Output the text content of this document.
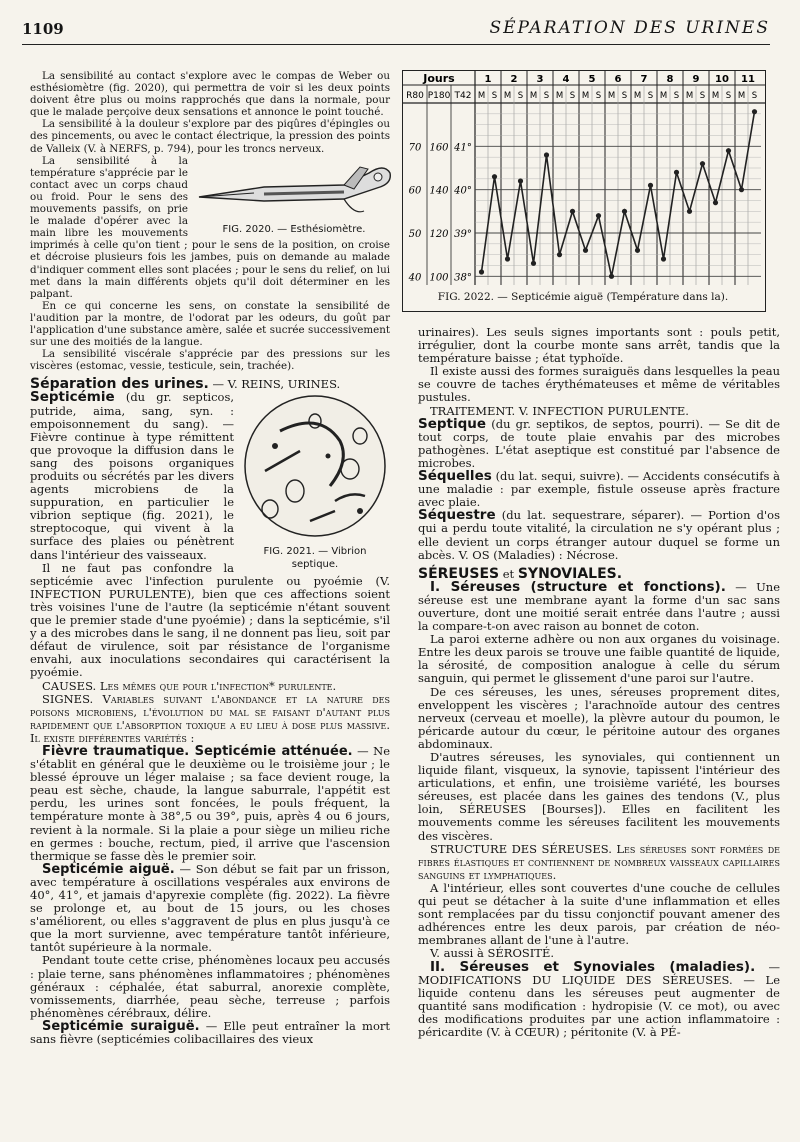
1109	SÉPARATION DES URINES
Jours
R80 P180 T42
1
M S
2
M S
3
M S
4
M S
5
M S
6
M S
7
M S
8
M S
9
M S
10
M S
11
M S
40
50
60
70
100
120
140
160
38°
39°
40°
41°
FIG. 2022. — Septicémie aiguë (Température dans la).

La sensibilité au contact s'explore avec le compas de Weber ou esthésiomètre (fig. 2020), qui permettra de voir si les deux points doivent être plus ou moins rapprochés que dans la normale, pour que le malade perçoive deux sensations et annonce le point touché.

La sensibilité à la douleur s'explore par des piqûres d'épingles ou des pincements, ou avec le contact électrique, la pression des points de Valleix (V. à NERFS, p. 794), pour les troncs nerveux.

FIG. 2020. — Esthésiomètre.

La sensibilité à la température s'apprécie par le contact avec un corps chaud ou froid. Pour le sens des mouvements passifs, on prie le malade d'opérer avec la main libre les mouvements imprimés à celle qu'on tient ; pour le sens de la position, on croise et décroise plusieurs fois les jambes, puis on demande au malade d'indiquer comment elles sont placées ; pour le sens du relief, on lui met dans la main différents objets qu'il doit déterminer en les palpant.

En ce qui concerne les sens, on constate la sensibilité de l'audition par la montre, de l'odorat par les odeurs, du goût par l'application d'une substance amère, salée et sucrée successivement sur une des moitiés de la langue.

La sensibilité viscérale s'apprécie par des pressions sur les viscères (estomac, vessie, testicule, sein, trachée).

Séparation des urines. — V. REINS, URINES.

FIG. 2021. — Vibrion septique.

Septicémie (du gr. septicos, putride, aima, sang, syn. : empoisonnement du sang). — Fièvre continue à type rémittent que provoque la diffusion dans le sang des poisons organiques produits ou sécrétés par les divers agents microbiens de la suppuration, en particulier le vibrion septique (fig. 2021), le streptocoque, qui vivent à la surface des plaies ou pénètrent dans l'intérieur des vaisseaux.

Il ne faut pas confondre la septicémie avec l'infection purulente ou pyoémie (V. INFECTION PURULENTE), bien que ces affections soient très voisines l'une de l'autre (la septicémie n'étant souvent que le premier stade d'une pyoémie) ; dans la septicémie, s'il y a des microbes dans le sang, il ne donnent pas lieu, soit par défaut de virulence, soit par résistance de l'organisme envahi, aux inoculations secondaires qui caractérisent la pyoémie.

CAUSES. Les mêmes que pour l'infection* purulente.

SIGNES. Variables suivant l'abondance et la nature des poisons microbiens, l'évolution du mal se faisant d'autant plus rapidement que l'absorption toxique a eu lieu à dose plus massive. Il existe différentes variétés :

Fièvre traumatique. Septicémie atténuée. — Ne s'établit en général que le deuxième ou le troisième jour ; le blessé éprouve un léger malaise ; sa face devient rouge, la peau est sèche, chaude, la langue saburrale, l'appétit est perdu, les urines sont foncées, le pouls fréquent, la température monte à 38°,5 ou 39°, puis, après 4 ou 6 jours, revient à la normale. Si la plaie a pour siège un milieu riche en germes : bouche, rectum, pied, il arrive que l'ascension thermique se fasse dès le premier soir.

Septicémie aiguë. — Son début se fait par un frisson, avec température à oscillations vespérales aux environs de 40°, 41°, et jamais d'apyrexie complète (fig. 2022). La fièvre se prolonge et, au bout de 15 jours, ou les choses s'améliorent, ou elles s'aggravent de plus en plus jusqu'à ce que la mort survienne, avec température tantôt inférieure, tantôt supérieure à la normale.

Pendant toute cette crise, phénomènes locaux peu accusés : plaie terne, sans phénomènes inflammatoires ; phénomènes généraux : céphalée, état saburral, anorexie complète, vomissements, diarrhée, peau sèche, terreuse ; parfois phénomènes cérébraux, délire.

Septicémie suraiguë. — Elle peut entraîner la mort sans fièvre (septicémies colibacillaires des vieux

urinaires). Les seuls signes importants sont : pouls petit, irrégulier, dont la courbe monte sans arrêt, tandis que la température baisse ; état typhoïde.

Il existe aussi des formes suraiguës dans lesquelles la peau se couvre de taches érythémateuses et même de véritables pustules.

TRAITEMENT. V. INFECTION PURULENTE.

Septique (du gr. septikos, de septos, pourri). — Se dit de tout corps, de toute plaie envahis par des microbes pathogènes. L'état aseptique est constitué par l'absence de microbes.

Séquelles (du lat. sequi, suivre). — Accidents consécutifs à une maladie : par exemple, fistule osseuse après fracture avec plaie.

Séquestre (du lat. sequestrare, séparer). — Portion d'os qui a perdu toute vitalité, la circulation ne s'y opérant plus ; elle devient un corps étranger autour duquel se forme un abcès. V. OS (Maladies) : Nécrose.

SÉREUSES et SYNOVIALES.

I. Séreuses (structure et fonctions). — Une séreuse est une membrane ayant la forme d'un sac sans ouverture, dont une moitié serait entrée dans l'autre ; aussi la compare-t-on avec raison au bonnet de coton.

La paroi externe adhère ou non aux organes du voisinage. Entre les deux parois se trouve une faible quantité de liquide, la sérosité, de composition analogue à celle du sérum sanguin, qui permet le glissement d'une paroi sur l'autre.

De ces séreuses, les unes, séreuses proprement dites, enveloppent les viscères ; l'arachnoïde autour des centres nerveux (cerveau et moelle), la plèvre autour du poumon, le péricarde autour du cœur, le péritoine autour des organes abdominaux.

D'autres séreuses, les synoviales, qui contiennent un liquide filant, visqueux, la synovie, tapissent l'intérieur des articulations, et enfin, une troisième variété, les bourses séreuses, est placée dans les gaines des tendons (V., plus loin, SÉREUSES [Bourses]). Elles en facilitent les mouvements comme les séreuses facilitent les mouvements des viscères.

STRUCTURE DES SÉREUSES. Les séreuses sont formées de fibres élastiques et contiennent de nombreux vaisseaux capillaires sanguins et lymphatiques.

A l'intérieur, elles sont couvertes d'une couche de cellules qui peut se détacher à la suite d'une inflammation et elles sont remplacées par du tissu conjonctif pouvant amener des adhérences entre les deux parois, par création de néo-membranes allant de l'une à l'autre.

V. aussi à SÉROSITÉ.

II. Séreuses et Synoviales (maladies). — MODIFICATIONS DU LIQUIDE DES SÉREUSES. — Le liquide contenu dans les séreuses peut augmenter de quantité sans modification : hydropisie (V. ce mot), ou avec des modifications produites par une action inflammatoire : péricardite (V. à CŒUR) ; péritonite (V. à PÉ-
